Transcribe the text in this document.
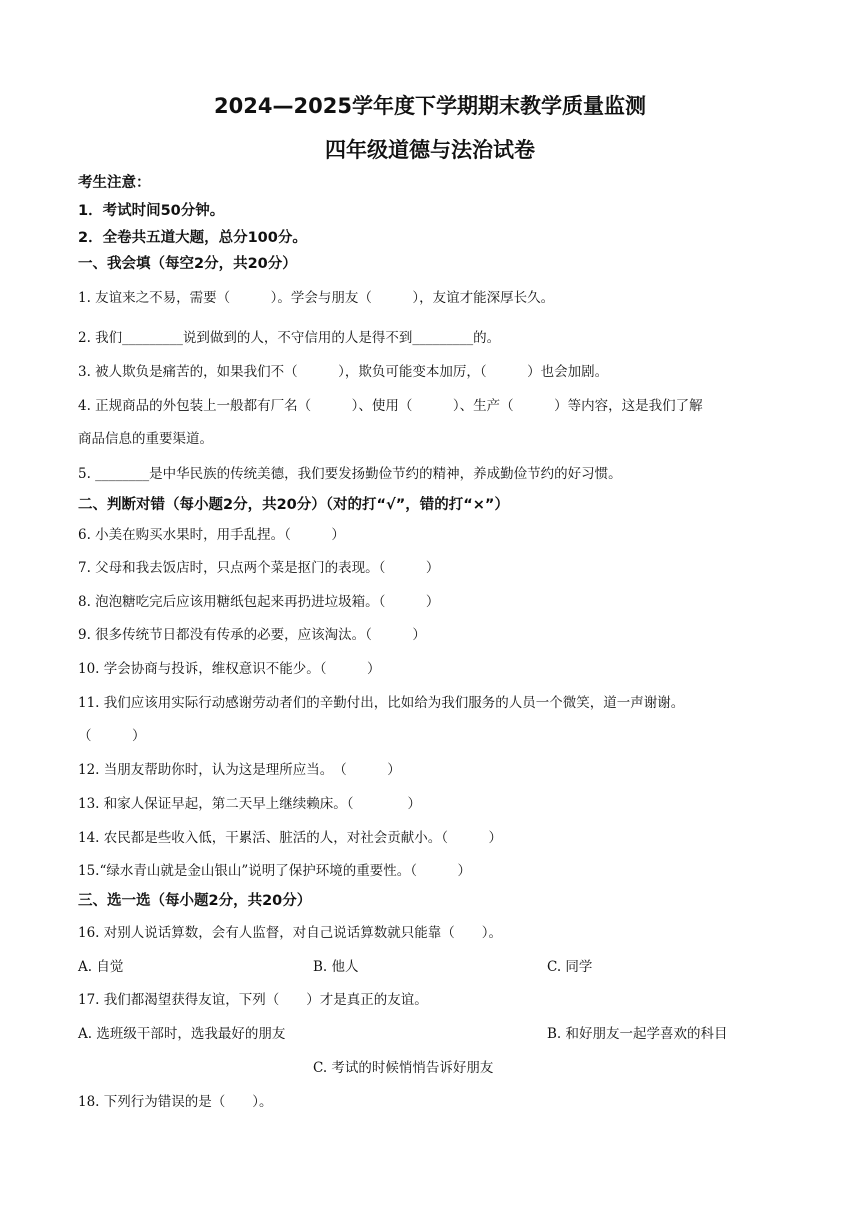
2024—2025学年度下学期期末教学质量监测
四年级道德与法治试卷
考生注意：
1．考试时间50分钟。
2．全卷共五道大题，总分100分。
一、我会填（每空2分，共20分）
1. 友谊来之不易，需要（　　　）。学会与朋友（　　　），友谊才能深厚长久。
2. 我们_________说到做到的人，不守信用的人是得不到_________的。
3. 被人欺负是痛苦的，如果我们不（　　　），欺负可能变本加厉，（　　　）也会加剧。
4. 正规商品的外包装上一般都有厂名（　　　）、使用（　　　）、生产（　　　）等内容，这是我们了解
商品信息的重要渠道。
5. ________是中华民族的传统美德，我们要发扬勤俭节约的精神，养成勤俭节约的好习惯。
二、判断对错（每小题2分，共20分）（对的打“√”，错的打“×”）
6. 小美在购买水果时，用手乱捏。（　　　）
7. 父母和我去饭店时，只点两个菜是抠门的表现。（　　　）
8. 泡泡糖吃完后应该用糖纸包起来再扔进垃圾箱。（　　　）
9. 很多传统节日都没有传承的必要，应该淘汰。（　　　）
10. 学会协商与投诉，维权意识不能少。（　　　）
11. 我们应该用实际行动感谢劳动者们的辛勤付出，比如给为我们服务的人员一个微笑，道一声谢谢。
（　　　）
12. 当朋友帮助你时，认为这是理所应当。　（　　　）
13. 和家人保证早起，第二天早上继续赖床。（　　　　）
14. 农民都是些收入低，干累活、脏活的人，对社会贡献小。（　　　）
15.“绿水青山就是金山银山”说明了保护环境的重要性。（　　　）
三、选一选（每小题2分，共20分）
16. 对别人说话算数，会有人监督，对自己说话算数就只能靠（　　）。
A. 自觉	B. 他人	C. 同学
17. 我们都渴望获得友谊，下列（　　）才是真正的友谊。
A. 选班级干部时，选我最好的朋友	B. 和好朋友一起学喜欢的科目
C. 考试的时候悄悄告诉好朋友
18. 下列行为错误的是（　　）。
